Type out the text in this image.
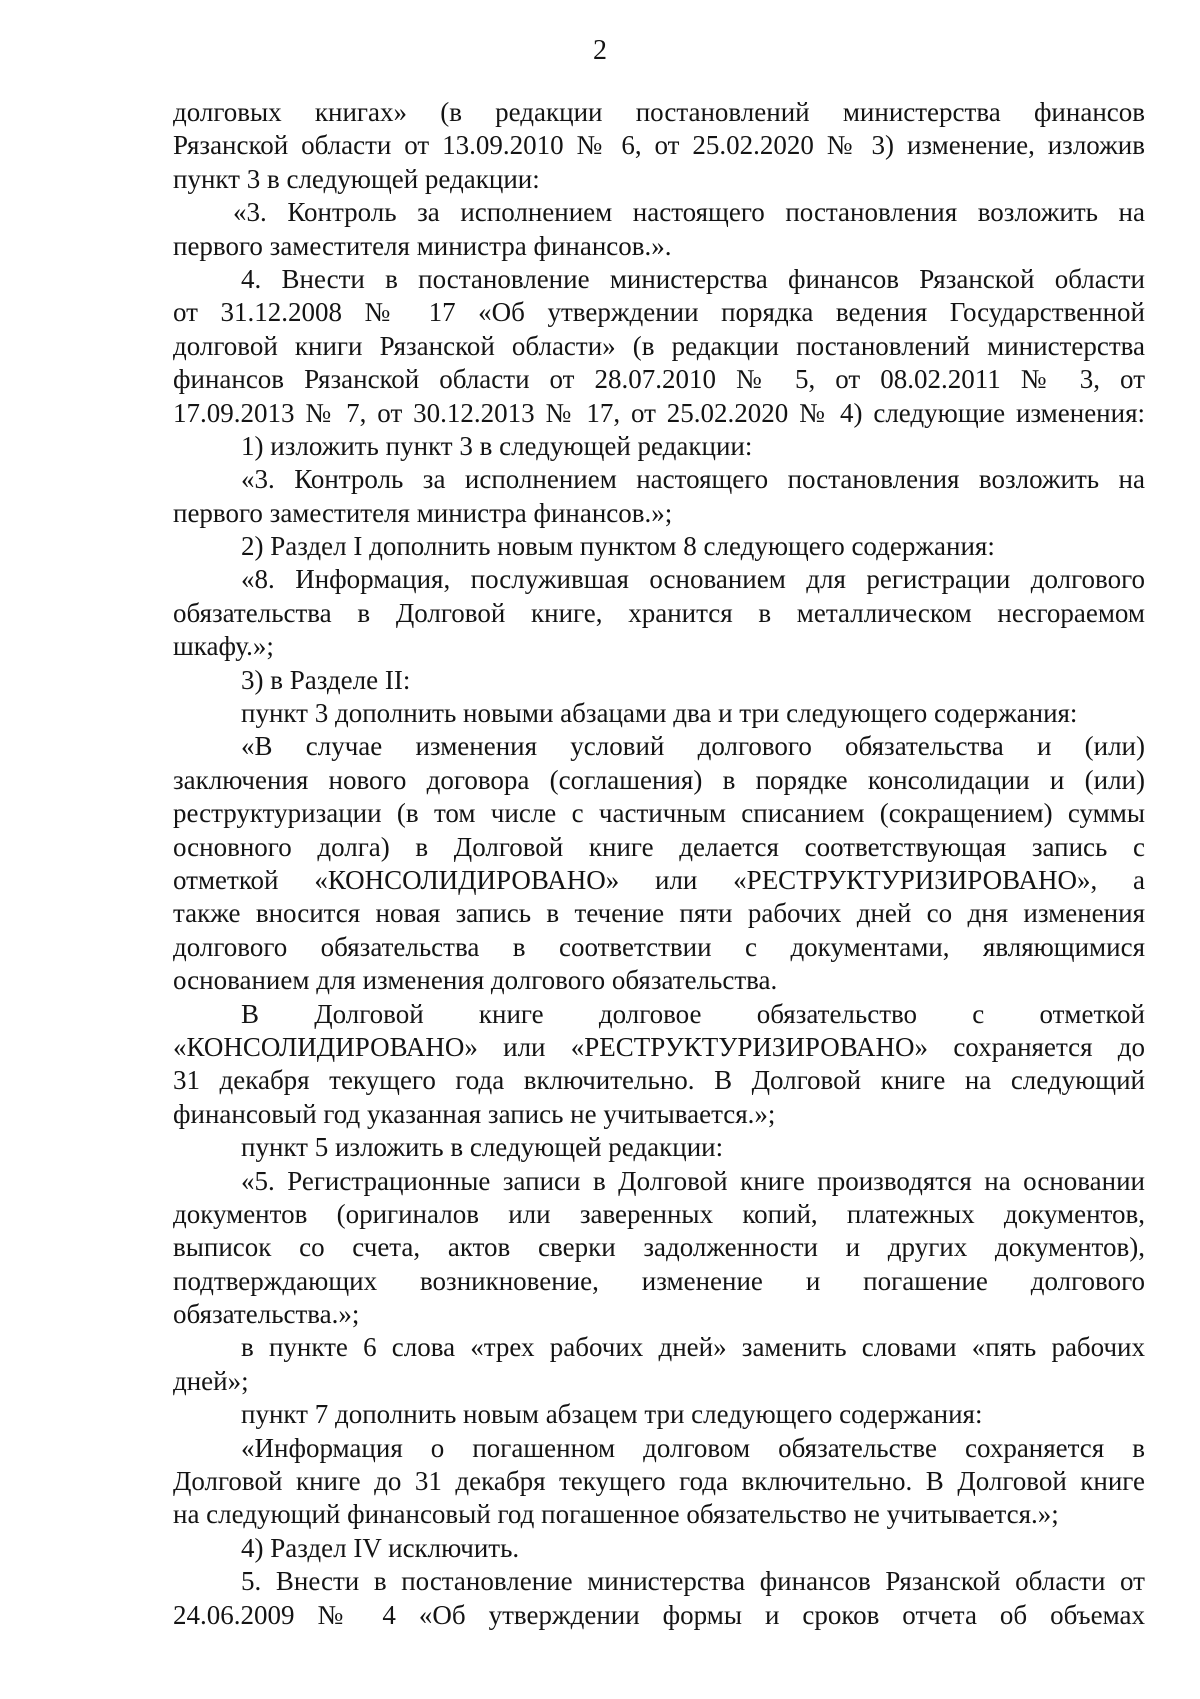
2
долговых книгах» (в редакции постановлений министерства финансов
Рязанской области от 13.09.2010 № 6, от 25.02.2020 № 3) изменение, изложив
пункт 3 в следующей редакции:
«3. Контроль за исполнением настоящего постановления возложить на
первого заместителя министра финансов.».
4. Внести в постановление министерства финансов Рязанской области
от 31.12.2008 № 17 «Об утверждении порядка ведения Государственной
долговой книги Рязанской области» (в редакции постановлений министерства
финансов Рязанской области от 28.07.2010 № 5, от 08.02.2011 № 3, от
17.09.2013 № 7, от 30.12.2013 № 17, от 25.02.2020 № 4) следующие изменения:
1) изложить пункт 3 в следующей редакции:
«3. Контроль за исполнением настоящего постановления возложить на
первого заместителя министра финансов.»;
2) Раздел I дополнить новым пунктом 8 следующего содержания:
«8. Информация, послужившая основанием для регистрации долгового
обязательства в Долговой книге, хранится в металлическом несгораемом
шкафу.»;
3) в Разделе II:
пункт 3 дополнить новыми абзацами два и три следующего содержания:
«В случае изменения условий долгового обязательства и (или)
заключения нового договора (соглашения) в порядке консолидации и (или)
реструктуризации (в том числе с частичным списанием (сокращением) суммы
основного долга) в Долговой книге делается соответствующая запись с
отметкой «КОНСОЛИДИРОВАНО» или «РЕСТРУКТУРИЗИРОВАНО», а
также вносится новая запись в течение пяти рабочих дней со дня изменения
долгового обязательства в соответствии с документами, являющимися
основанием для изменения долгового обязательства.
В Долговой книге долговое обязательство с отметкой
«КОНСОЛИДИРОВАНО» или «РЕСТРУКТУРИЗИРОВАНО» сохраняется до
31 декабря текущего года включительно. В Долговой книге на следующий
финансовый год указанная запись не учитывается.»;
пункт 5 изложить в следующей редакции:
«5. Регистрационные записи в Долговой книге производятся на основании
документов (оригиналов или заверенных копий, платежных документов,
выписок со счета, актов сверки задолженности и других документов),
подтверждающих возникновение, изменение и погашение долгового
обязательства.»;
в пункте 6 слова «трех рабочих дней» заменить словами «пять рабочих
дней»;
пункт 7 дополнить новым абзацем три следующего содержания:
«Информация о погашенном долговом обязательстве сохраняется в
Долговой книге до 31 декабря текущего года включительно. В Долговой книге
на следующий финансовый год погашенное обязательство не учитывается.»;
4) Раздел IV исключить.
5. Внести в постановление министерства финансов Рязанской области от
24.06.2009 № 4 «Об утверждении формы и сроков отчета об объемах
